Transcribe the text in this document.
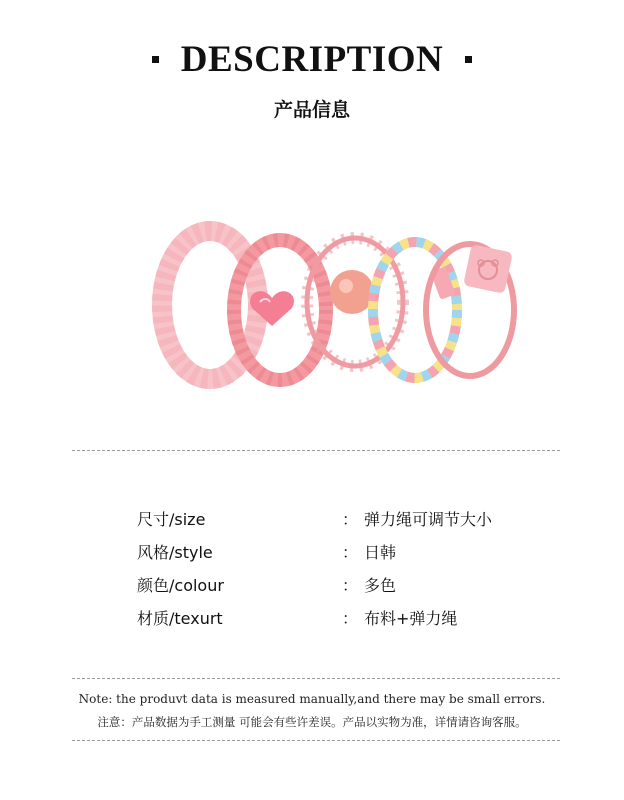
DESCRIPTION
产品信息
尺寸/size	： 弹力绳可调节大小
风格/style	： 日韩
颜色/colour	： 多色
材质/texurt	： 布料+弹力绳
Note: the produvt data is measured manually,and there may be small errors.
注意：产品数据为手工测量 可能会有些许差误。产品以实物为准，详情请咨询客服。
